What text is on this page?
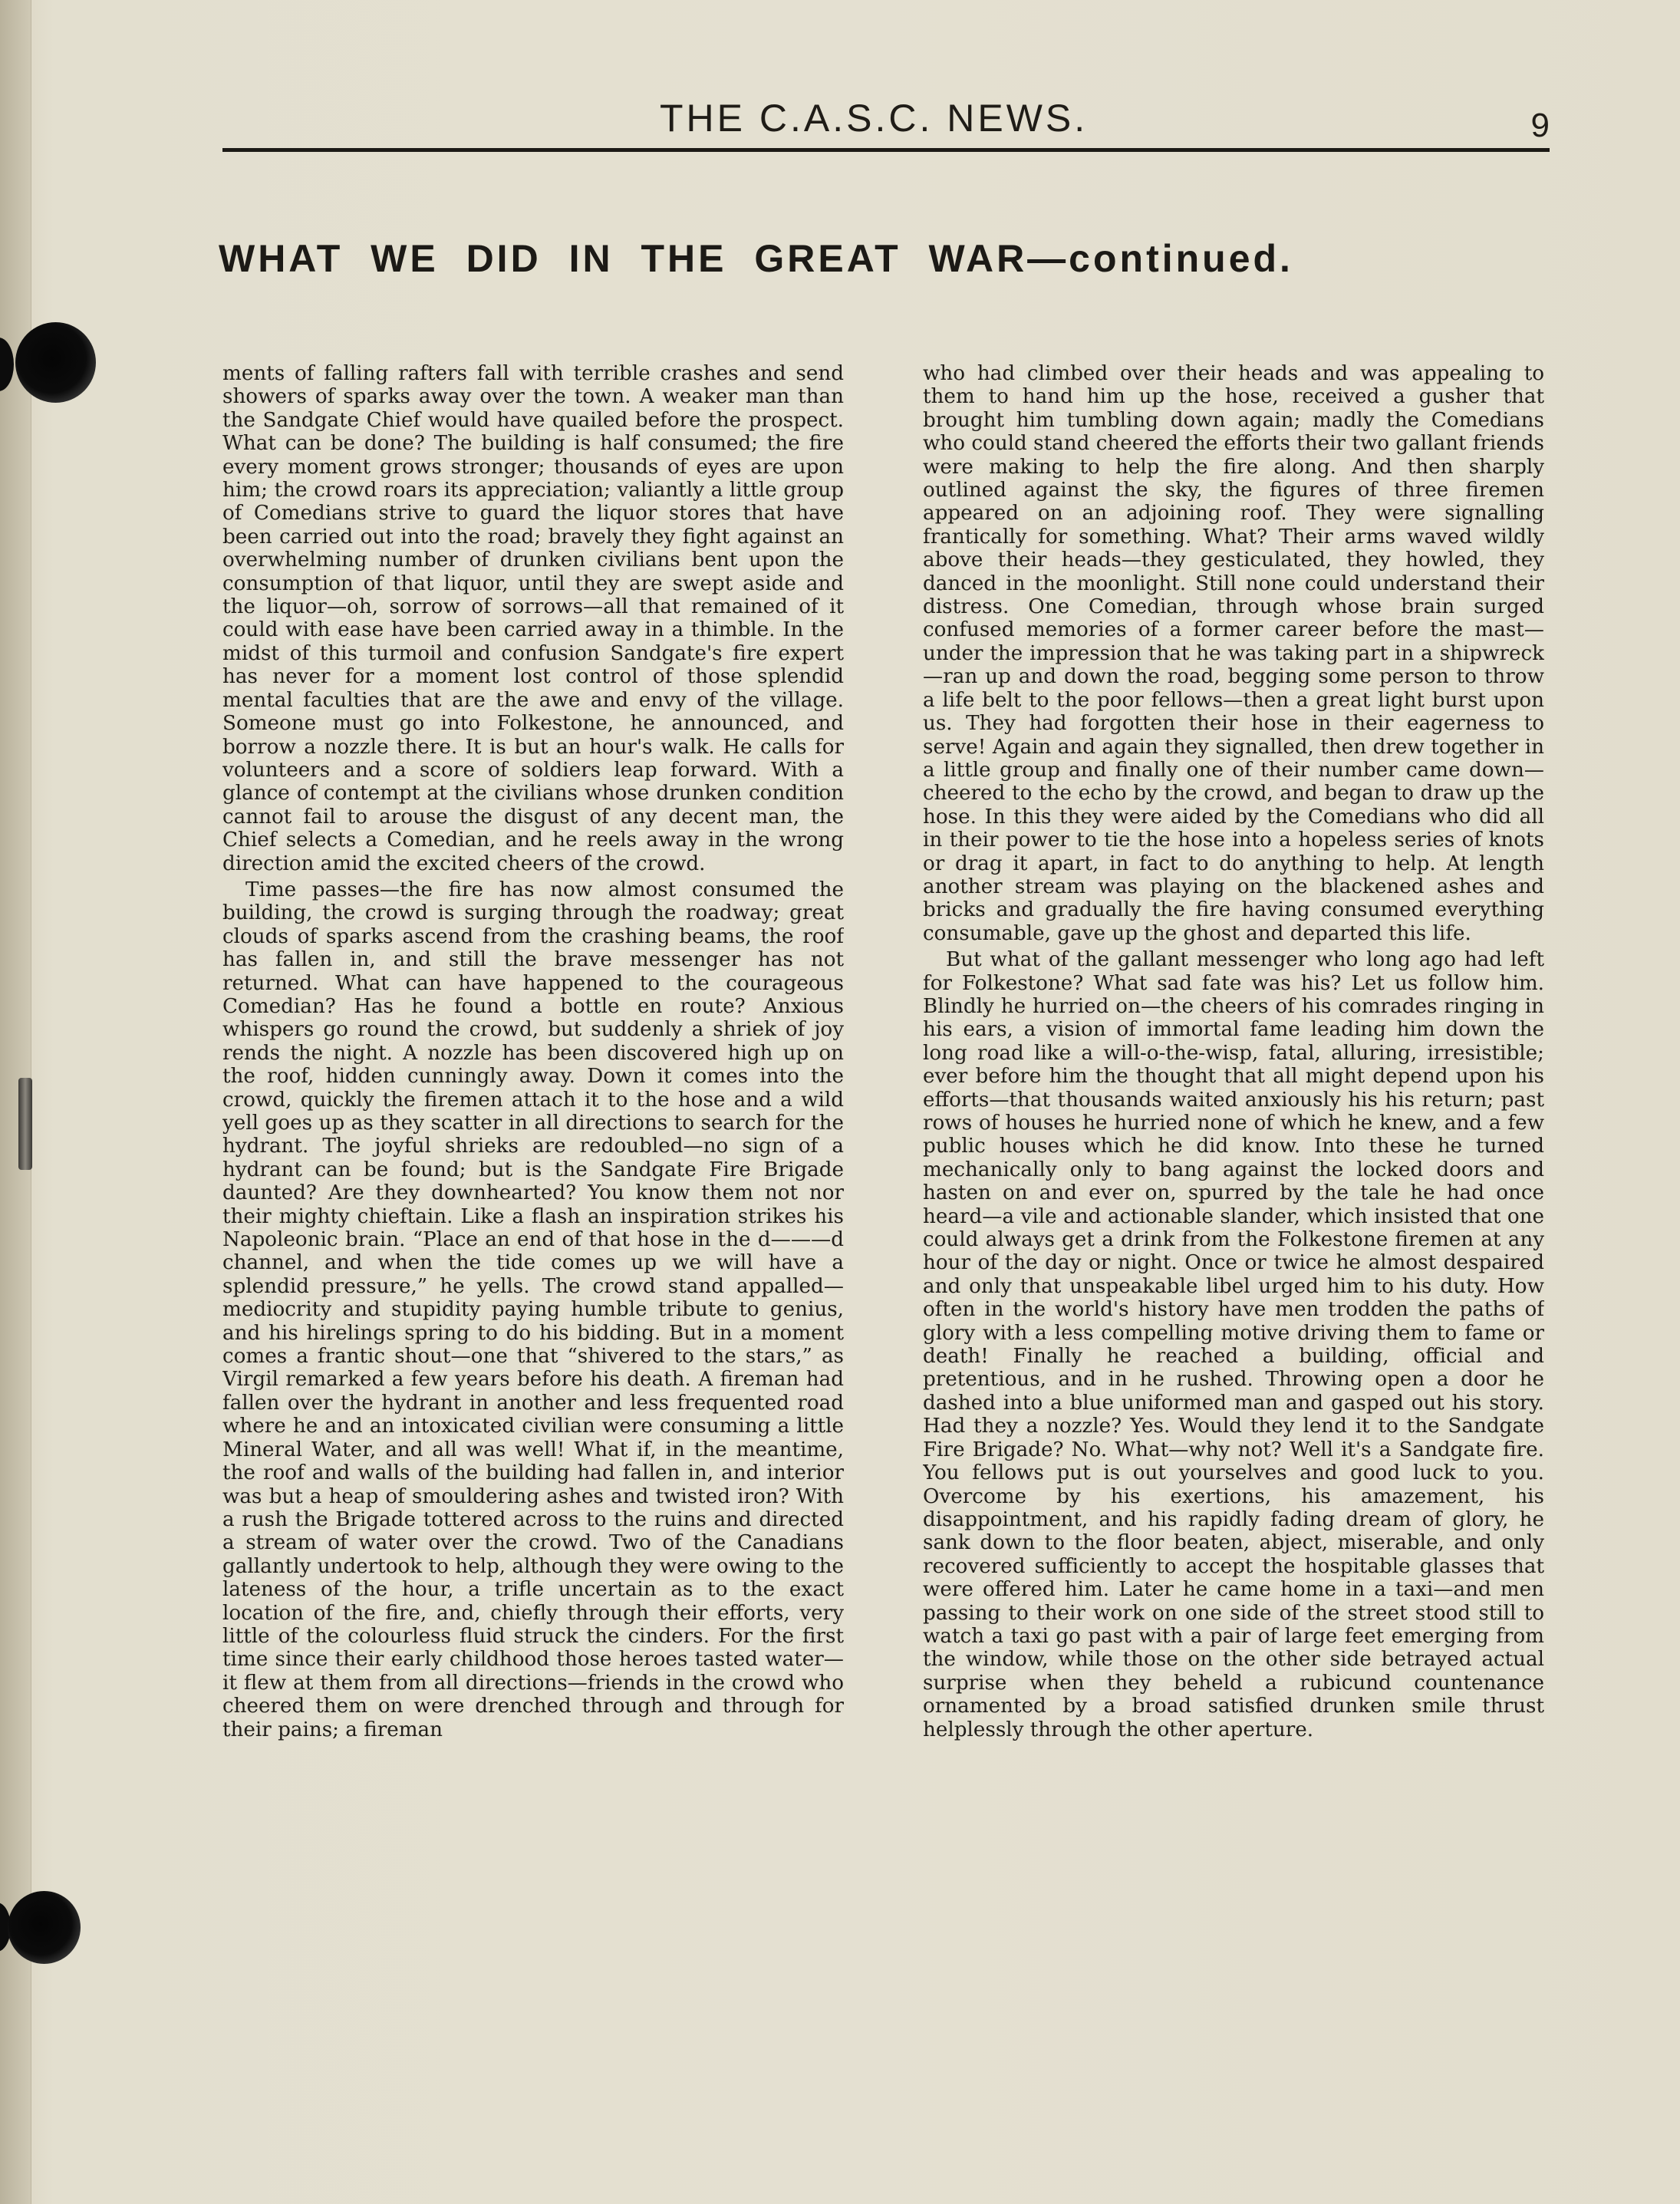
THE C.A.S.C. NEWS.	9
WHAT WE DID IN THE GREAT WAR—continued.

ments of falling rafters fall with terrible crashes and send showers of sparks away over the town. A weaker man than the Sandgate Chief would have quailed before the prospect. What can be done? The building is half consumed; the fire every moment grows stronger; thousands of eyes are upon him; the crowd roars its appreciation; valiantly a little group of Comedians strive to guard the liquor stores that have been carried out into the road; bravely they fight against an overwhelming number of drunken civilians bent upon the consumption of that liquor, until they are swept aside and the liquor—oh, sorrow of sorrows—all that remained of it could with ease have been carried away in a thimble. In the midst of this turmoil and confusion Sandgate's fire expert has never for a moment lost control of those splendid mental faculties that are the awe and envy of the village. Someone must go into Folkestone, he announced, and borrow a nozzle there. It is but an hour's walk. He calls for volunteers and a score of soldiers leap forward. With a glance of contempt at the civilians whose drunken condition cannot fail to arouse the disgust of any decent man, the Chief selects a Comedian, and he reels away in the wrong direction amid the excited cheers of the crowd.

Time passes—the fire has now almost consumed the building, the crowd is surging through the roadway; great clouds of sparks ascend from the crashing beams, the roof has fallen in, and still the brave messenger has not returned. What can have happened to the courageous Comedian? Has he found a bottle en route? Anxious whispers go round the crowd, but suddenly a shriek of joy rends the night. A nozzle has been discovered high up on the roof, hidden cunningly away. Down it comes into the crowd, quickly the firemen attach it to the hose and a wild yell goes up as they scatter in all directions to search for the hydrant. The joyful shrieks are redoubled—no sign of a hydrant can be found; but is the Sandgate Fire Brigade daunted? Are they downhearted? You know them not nor their mighty chieftain. Like a flash an inspiration strikes his Napoleonic brain. “Place an end of that hose in the d———d channel, and when the tide comes up we will have a splendid pressure,” he yells. The crowd stand appalled—mediocrity and stupidity paying humble tribute to genius, and his hirelings spring to do his bidding. But in a moment comes a frantic shout—one that “shivered to the stars,” as Virgil remarked a few years before his death. A fireman had fallen over the hydrant in another and less frequented road where he and an intoxicated civilian were consuming a little Mineral Water, and all was well! What if, in the meantime, the roof and walls of the building had fallen in, and interior was but a heap of smouldering ashes and twisted iron? With a rush the Brigade tottered across to the ruins and directed a stream of water over the crowd. Two of the Canadians gallantly undertook to help, although they were owing to the lateness of the hour, a trifle uncertain as to the exact location of the fire, and, chiefly through their efforts, very little of the colourless fluid struck the cinders. For the first time since their early childhood those heroes tasted water—it flew at them from all directions—friends in the crowd who cheered them on were drenched through and through for their pains; a fireman

who had climbed over their heads and was appealing to them to hand him up the hose, received a gusher that brought him tumbling down again; madly the Comedians who could stand cheered the efforts their two gallant friends were making to help the fire along. And then sharply outlined against the sky, the figures of three firemen appeared on an adjoining roof. They were signalling frantically for something. What? Their arms waved wildly above their heads—they gesticulated, they howled, they danced in the moonlight. Still none could understand their distress. One Comedian, through whose brain surged confused memories of a former career before the mast—under the impression that he was taking part in a shipwreck—ran up and down the road, begging some person to throw a life belt to the poor fellows—then a great light burst upon us. They had forgotten their hose in their eagerness to serve! Again and again they signalled, then drew together in a little group and finally one of their number came down—cheered to the echo by the crowd, and began to draw up the hose. In this they were aided by the Comedians who did all in their power to tie the hose into a hopeless series of knots or drag it apart, in fact to do anything to help. At length another stream was playing on the blackened ashes and bricks and gradually the fire having consumed everything consumable, gave up the ghost and departed this life.

But what of the gallant messenger who long ago had left for Folkestone? What sad fate was his? Let us follow him. Blindly he hurried on—the cheers of his comrades ringing in his ears, a vision of immortal fame leading him down the long road like a will-o-the-wisp, fatal, alluring, irresistible; ever before him the thought that all might depend upon his efforts—that thousands waited anxiously his his return; past rows of houses he hurried none of which he knew, and a few public houses which he did know. Into these he turned mechanically only to bang against the locked doors and hasten on and ever on, spurred by the tale he had once heard—a vile and actionable slander, which insisted that one could always get a drink from the Folkestone firemen at any hour of the day or night. Once or twice he almost despaired and only that unspeakable libel urged him to his duty. How often in the world's history have men trodden the paths of glory with a less compelling motive driving them to fame or death! Finally he reached a building, official and pretentious, and in he rushed. Throwing open a door he dashed into a blue uniformed man and gasped out his story. Had they a nozzle? Yes. Would they lend it to the Sandgate Fire Brigade? No. What—why not? Well it's a Sandgate fire. You fellows put is out yourselves and good luck to you. Overcome by his exertions, his amazement, his disappointment, and his rapidly fading dream of glory, he sank down to the floor beaten, abject, miserable, and only recovered sufficiently to accept the hospitable glasses that were offered him. Later he came home in a taxi—and men passing to their work on one side of the street stood still to watch a taxi go past with a pair of large feet emerging from the window, while those on the other side betrayed actual surprise when they beheld a rubicund countenance ornamented by a broad satisfied drunken smile thrust helplessly through the other aperture.
